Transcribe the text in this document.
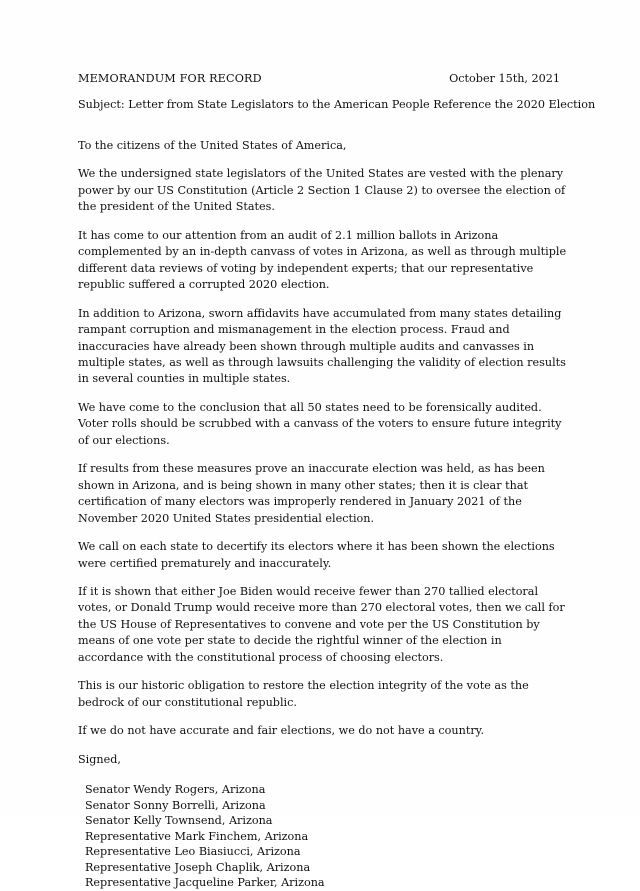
MEMORANDUM FOR RECORD	October 15th, 2021
Subject: Letter from State Legislators to the American People Reference the 2020 Election

To the citizens of the United States of America,

We the undersigned state legislators of the United States are vested with the plenary power by our US Constitution (Article 2 Section 1 Clause 2) to oversee the election of the president of the United States.

It has come to our attention from an audit of 2.1 million ballots in Arizona complemented by an in-depth canvass of votes in Arizona, as well as through multiple different data reviews of voting by independent experts; that our representative republic suffered a corrupted 2020 election.

In addition to Arizona, sworn affidavits have accumulated from many states detailing rampant corruption and mismanagement in the election process. Fraud and inaccuracies have already been shown through multiple audits and canvasses in multiple states, as well as through lawsuits challenging the validity of election results in several counties in multiple states.

We have come to the conclusion that all 50 states need to be forensically audited. Voter rolls should be scrubbed with a canvass of the voters to ensure future integrity of our elections.

If results from these measures prove an inaccurate election was held, as has been shown in Arizona, and is being shown in many other states; then it is clear that certification of many electors was improperly rendered in January 2021 of the November 2020 United States presidential election.

We call on each state to decertify its electors where it has been shown the elections were certified prematurely and inaccurately.

If it is shown that either Joe Biden would receive fewer than 270 tallied electoral votes, or Donald Trump would receive more than 270 electoral votes, then we call for the US House of Representatives to convene and vote per the US Constitution by means of one vote per state to decide the rightful winner of the election in accordance with the constitutional process of choosing electors.

This is our historic obligation to restore the election integrity of the vote as the bedrock of our constitutional republic.

If we do not have accurate and fair elections, we do not have a country.

Signed,

Senator Wendy Rogers, Arizona
Senator Sonny Borrelli, Arizona
Senator Kelly Townsend, Arizona
Representative Mark Finchem, Arizona
Representative Leo Biasiucci, Arizona
Representative Joseph Chaplik, Arizona
Representative Jacqueline Parker, Arizona
